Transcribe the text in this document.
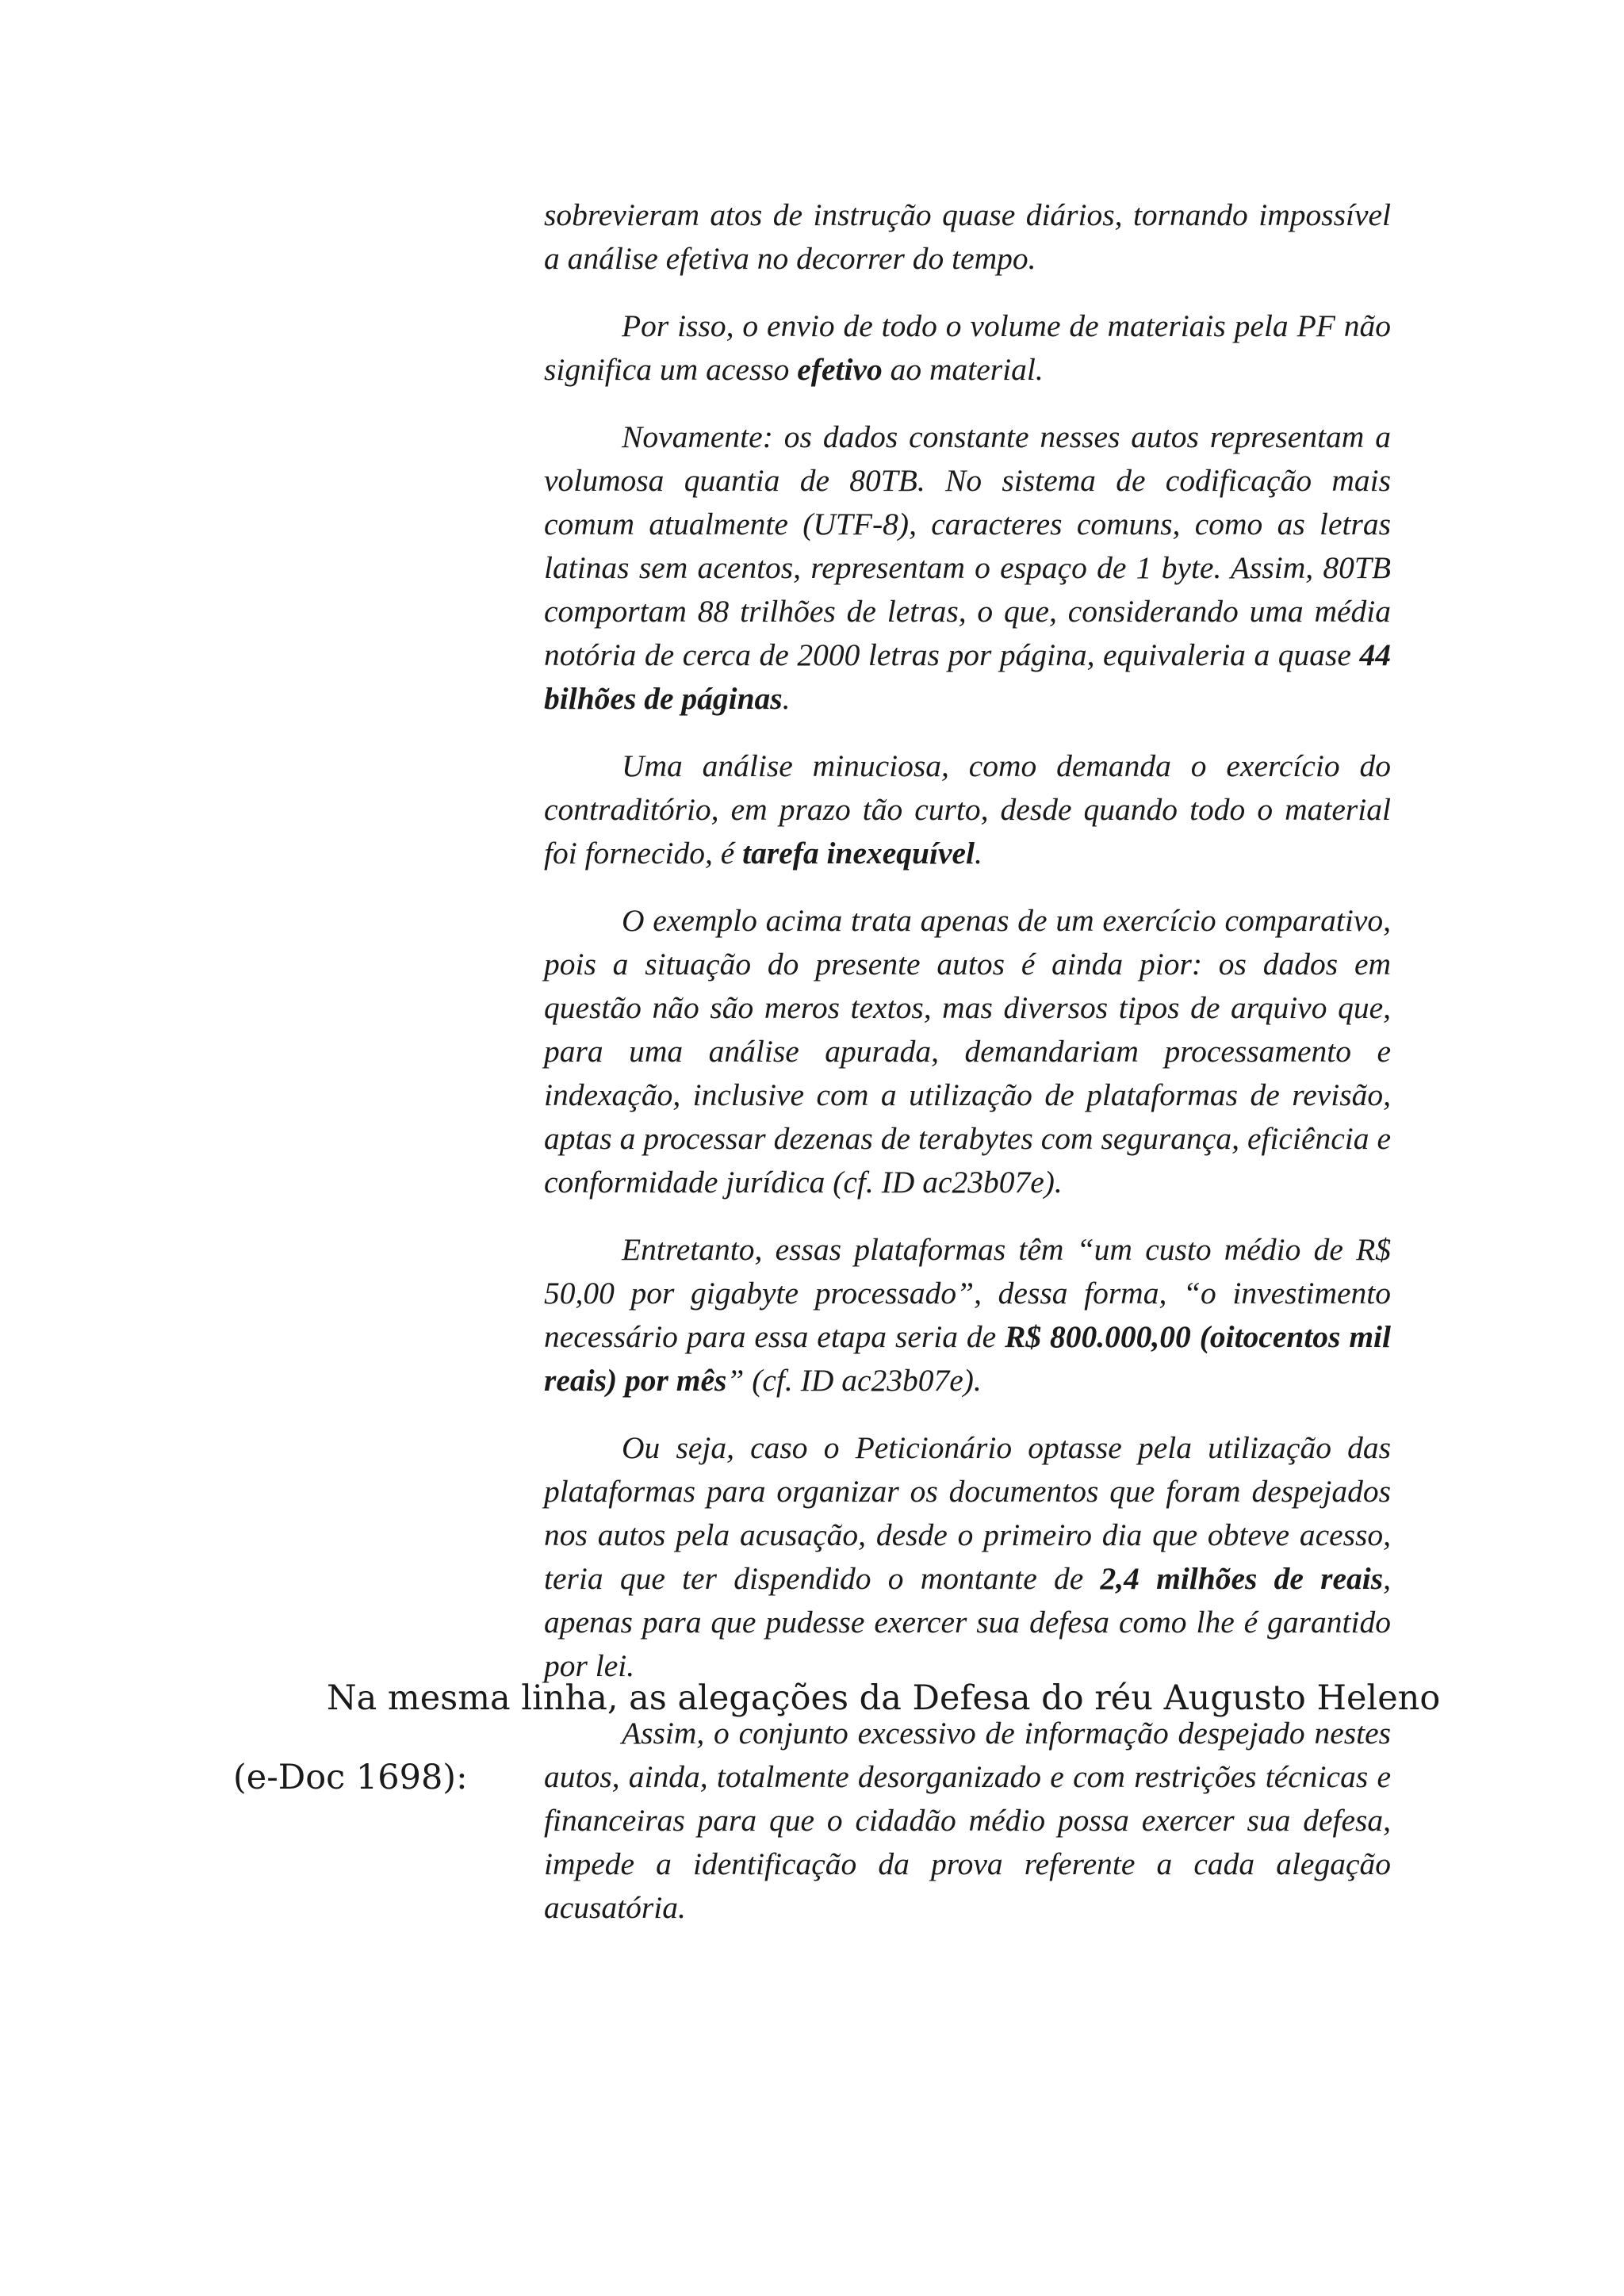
sobrevieram atos de instrução quase diários, tornando impossível a análise efetiva no decorrer do tempo.

Por isso, o envio de todo o volume de materiais pela PF não significa um acesso efetivo ao material.

Novamente: os dados constante nesses autos representam a volumosa quantia de 80TB. No sistema de codificação mais comum atualmente (UTF-8), caracteres comuns, como as letras latinas sem acentos, representam o espaço de 1 byte. Assim, 80TB comportam 88 trilhões de letras, o que, considerando uma média notória de cerca de 2000 letras por página, equivaleria a quase 44 bilhões de páginas.

Uma análise minuciosa, como demanda o exercício do contraditório, em prazo tão curto, desde quando todo o material foi fornecido, é tarefa inexequível.

O exemplo acima trata apenas de um exercício comparativo, pois a situação do presente autos é ainda pior: os dados em questão não são meros textos, mas diversos tipos de arquivo que, para uma análise apurada, demandariam processamento e indexação, inclusive com a utilização de plataformas de revisão, aptas a processar dezenas de terabytes com segurança, eficiência e conformidade jurídica (cf. ID ac23b07e).

Entretanto, essas plataformas têm “um custo médio de R$ 50,00 por gigabyte processado”, dessa forma, “o investimento necessário para essa etapa seria de R$ 800.000,00 (oitocentos mil reais) por mês” (cf. ID ac23b07e).

Ou seja, caso o Peticionário optasse pela utilização das plataformas para organizar os documentos que foram despejados nos autos pela acusação, desde o primeiro dia que obteve acesso, teria que ter dispendido o montante de 2,4 milhões de reais, apenas para que pudesse exercer sua defesa como lhe é garantido por lei.

Assim, o conjunto excessivo de informação despejado nestes autos, ainda, totalmente desorganizado e com restrições técnicas e financeiras para que o cidadão médio possa exercer sua defesa, impede a identificação da prova referente a cada alegação acusatória.

Na mesma linha, as alegações da Defesa do réu Augusto Heleno
(e-Doc 1698):
